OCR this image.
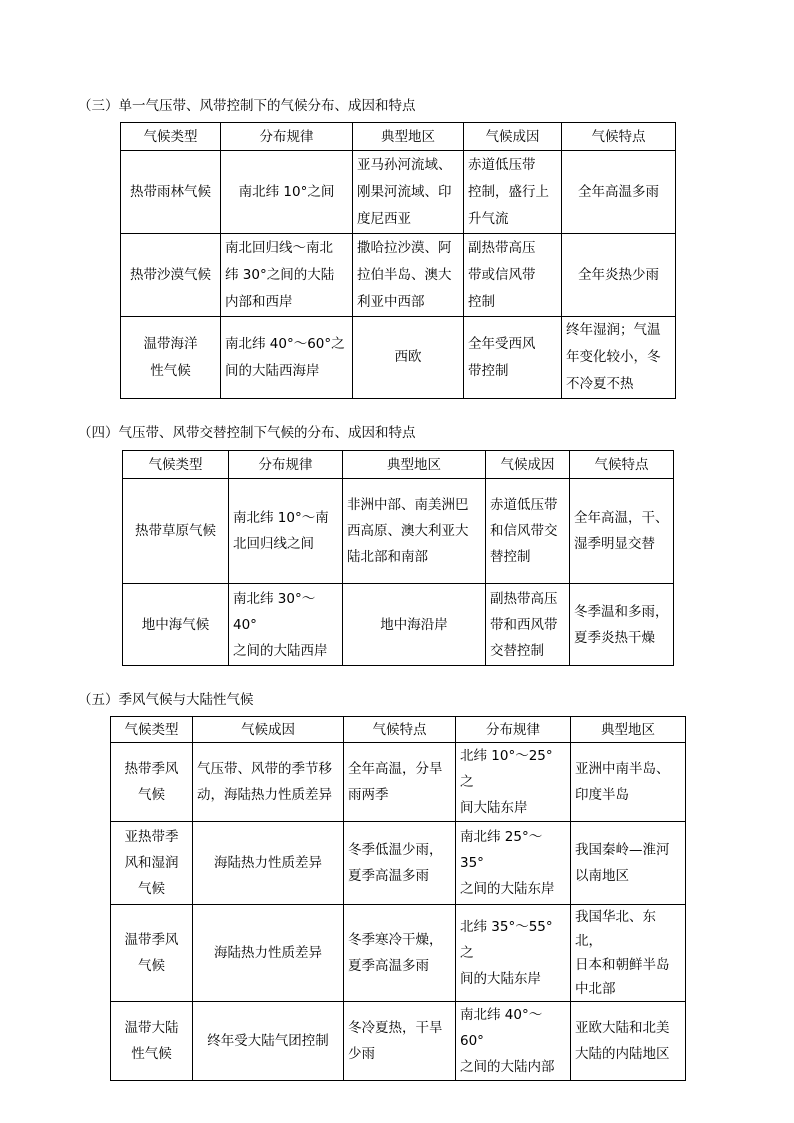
（三）单一气压带、风带控制下的气候分布、成因和特点
气候类型	分布规律	典型地区	气候成因	气候特点

热带雨林气候	南北纬 10°之间	亚马孙河流域、
刚果河流域、印
度尼西亚	赤道低压带
控制，盛行上
升气流	全年高温多雨

热带沙漠气候	南北回归线～南北
纬 30°之间的大陆
内部和西岸	撒哈拉沙漠、阿
拉伯半岛、澳大
利亚中西部	副热带高压
带或信风带
控制	全年炎热少雨

温带海洋
性气候	南北纬 40°～60°之
间的大陆西海岸	西欧	全年受西风
带控制	终年湿润；气温
年变化较小，冬
不冷夏不热
（四）气压带、风带交替控制下气候的分布、成因和特点
气候类型	分布规律	典型地区	气候成因	气候特点

热带草原气候	南北纬 10°～南
北回归线之间	非洲中部、南美洲巴
西高原、澳大利亚大
陆北部和南部	赤道低压带
和信风带交
替控制	全年高温，干、
湿季明显交替

地中海气候	南北纬 30°～40°
之间的大陆西岸	地中海沿岸	副热带高压
带和西风带
交替控制	冬季温和多雨，
夏季炎热干燥
（五）季风气候与大陆性气候
气候类型	气候成因	气候特点	分布规律	典型地区

热带季风
气候	气压带、风带的季节移
动，海陆热力性质差异	全年高温，分旱
雨两季	北纬 10°～25°之
间大陆东岸	亚洲中南半岛、
印度半岛

亚热带季
风和湿润
气候	海陆热力性质差异	冬季低温少雨，
夏季高温多雨	南北纬 25°～35°
之间的大陆东岸	我国秦岭—淮河
以南地区

温带季风
气候	海陆热力性质差异	冬季寒冷干燥，
夏季高温多雨	北纬 35°～55°之
间的大陆东岸	我国华北、东北，
日本和朝鲜半岛
中北部

温带大陆
性气候	终年受大陆气团控制	冬冷夏热，干旱
少雨	南北纬 40°～60°
之间的大陆内部	亚欧大陆和北美
大陆的内陆地区
